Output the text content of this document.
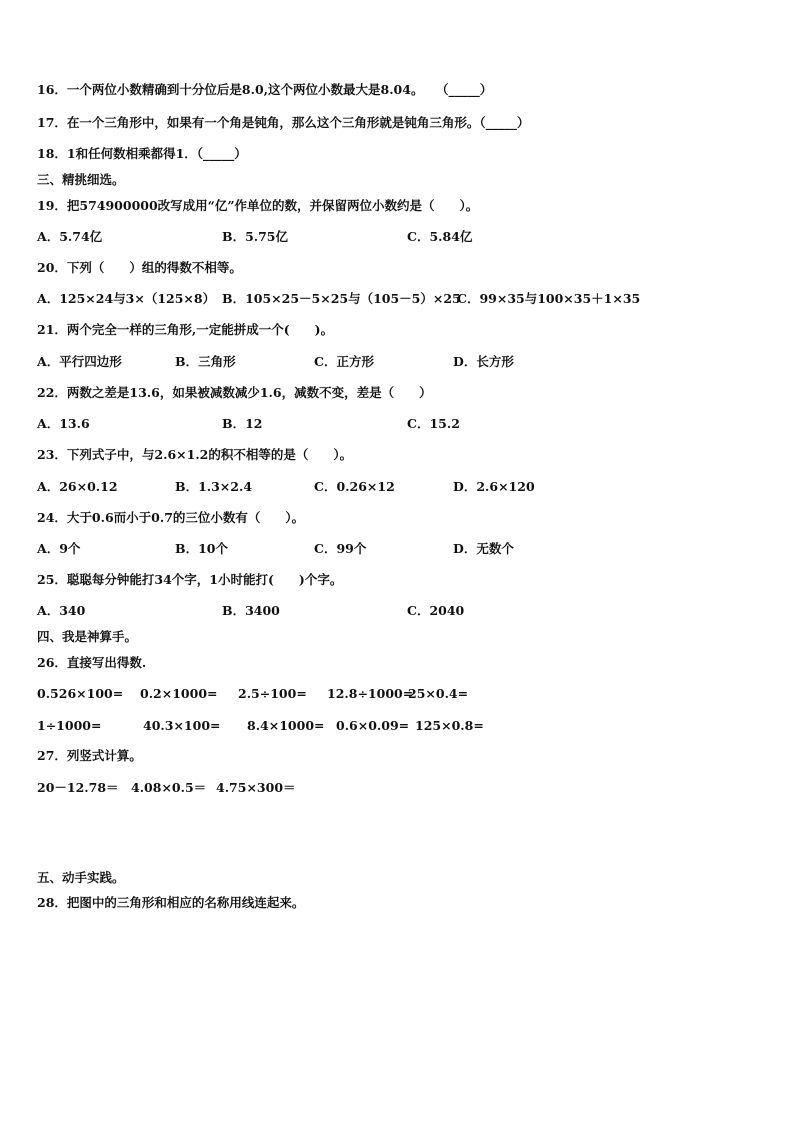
16．一个两位小数精确到十分位后是8.0,这个两位小数最大是8.04。　　（_____）
17．在一个三角形中，如果有一个角是钝角，那么这个三角形就是钝角三角形。（_____）
18．1和任何数相乘都得1．（_____）
三、精挑细选。
19．把574900000改写成用“亿”作单位的数，并保留两位小数约是（　　）。
A．5.74亿	B．5.75亿	C．5.84亿
20．下列（　　）组的得数不相等。
A．125×24与3×（125×8） B．105×25－5×25与（105－5）×25
C．99×35与100×35＋1×35
21．两个完全一样的三角形,一定能拼成一个(　　)。
A．平行四边形	B．三角形	C．正方形	D．长方形
22．两数之差是13.6，如果被减数减少1.6，减数不变，差是（　　）
A．13.6	B．12	C．15.2
23．下列式子中，与2.6×1.2的积不相等的是（　　）。
A．26×0.12	B．1.3×2.4	C．0.26×12	D．2.6×120
24．大于0.6而小于0.7的三位小数有（　　）。
A．9个	B．10个	C．99个	D．无数个
25．聪聪每分钟能打34个字，1小时能打(　　)个字。
A．340	B．3400	C．2040
四、我是神算手。
26．直接写出得数.
0.526×100= 0.2×1000= 2.5÷100= 12.8÷1000=
25×0.4=
1÷1000=	40.3×100= 8.4×1000= 0.6×0.09= 125×0.8=
27．列竖式计算。
20－12.78＝ 4.08×0.5＝ 4.75×300＝
五、动手实践。
28．把图中的三角形和相应的名称用线连起来。
